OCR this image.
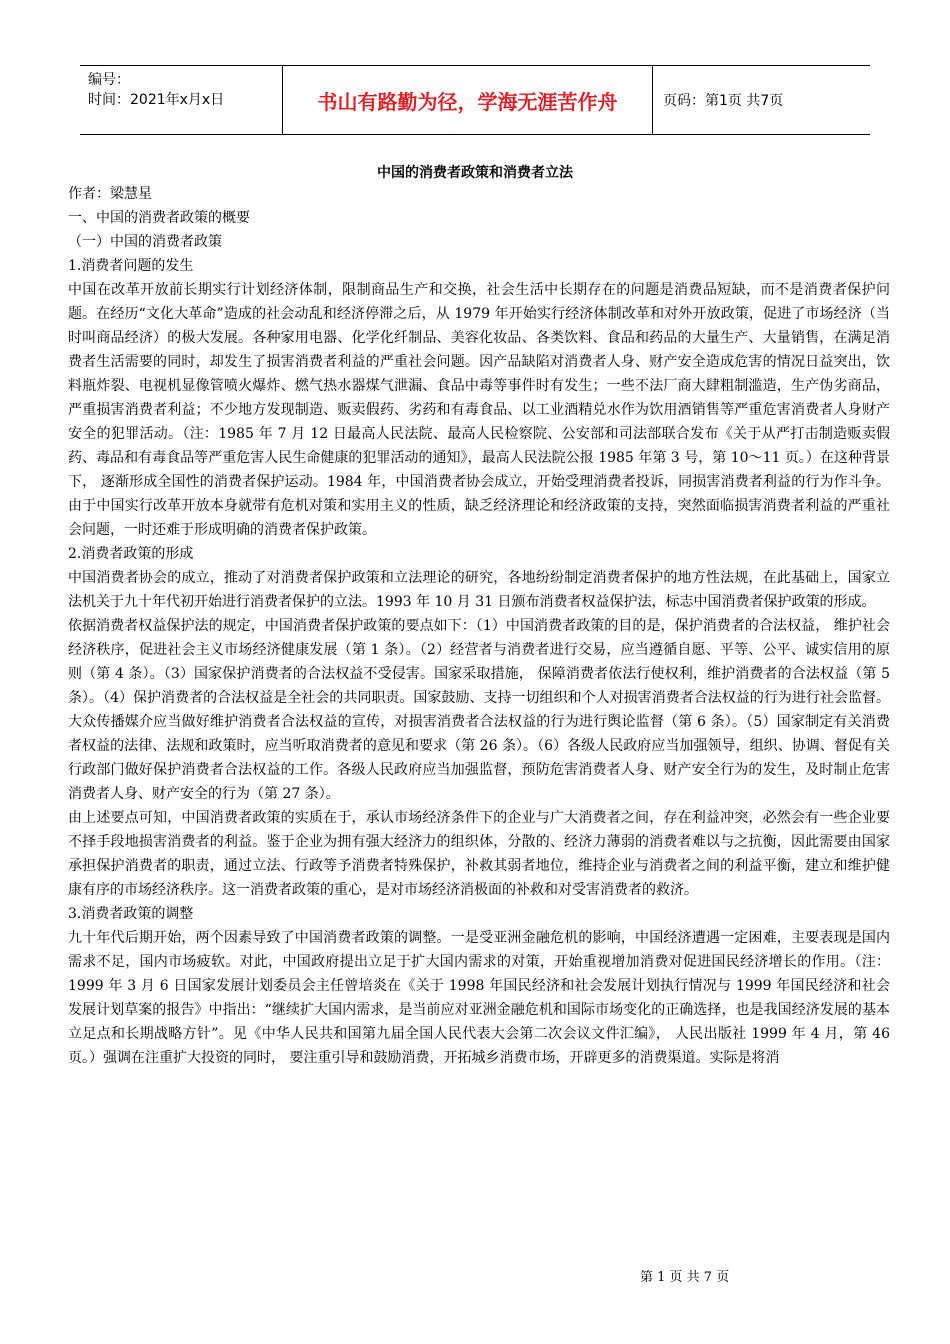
编号：
时间：2021年x月x日	书山有路勤为径，学海无涯苦作舟	页码：第1页 共7页
中国的消费者政策和消费者立法

作者：梁慧星

一、中国的消费者政策的概要

（一）中国的消费者政策

1.消费者问题的发生

中国在改革开放前长期实行计划经济体制，限制商品生产和交换，社会生活中长期存在的问题是消费品短缺，而不是消费者保护问题。在经历“文化大革命”造成的社会动乱和经济停滞之后，从 1979 年开始实行经济体制改革和对外开放政策，促进了市场经济（当时叫商品经济）的极大发展。各种家用电器、化学化纤制品、美容化妆品、各类饮料、食品和药品的大量生产、大量销售，在满足消费者生活需要的同时，却发生了损害消费者利益的严重社会问题。因产品缺陷对消费者人身、财产安全造成危害的情况日益突出，饮料瓶炸裂、电视机显像管喷火爆炸、燃气热水器煤气泄漏、食品中毒等事件时有发生；一些不法厂商大肆粗制滥造，生产伪劣商品，严重损害消费者利益；不少地方发现制造、贩卖假药、劣药和有毒食品、以工业酒精兑水作为饮用酒销售等严重危害消费者人身财产安全的犯罪活动。（注：1985 年 7 月 12 日最高人民法院、最高人民检察院、公安部和司法部联合发布《关于从严打击制造贩卖假药、毒品和有毒食品等严重危害人民生命健康的犯罪活动的通知》，最高人民法院公报 1985 年第 3 号，第 10～11 页。）在这种背景下， 逐渐形成全国性的消费者保护运动。1984 年，中国消费者协会成立，开始受理消费者投诉，同损害消费者利益的行为作斗争。由于中国实行改革开放本身就带有危机对策和实用主义的性质，缺乏经济理论和经济政策的支持，突然面临损害消费者利益的严重社会问题，一时还难于形成明确的消费者保护政策。

2.消费者政策的形成

中国消费者协会的成立，推动了对消费者保护政策和立法理论的研究，各地纷纷制定消费者保护的地方性法规，在此基础上，国家立法机关于九十年代初开始进行消费者保护的立法。1993 年 10 月 31 日颁布消费者权益保护法，标志中国消费者保护政策的形成。

依据消费者权益保护法的规定，中国消费者保护政策的要点如下：（1）中国消费者政策的目的是，保护消费者的合法权益， 维护社会经济秩序，促进社会主义市场经济健康发展（第 1 条）。（2）经营者与消费者进行交易，应当遵循自愿、平等、公平、诚实信用的原则（第 4 条）。（3）国家保护消费者的合法权益不受侵害。国家采取措施， 保障消费者依法行使权利，维护消费者的合法权益（第 5 条）。（4）保护消费者的合法权益是全社会的共同职责。国家鼓励、支持一切组织和个人对损害消费者合法权益的行为进行社会监督。大众传播媒介应当做好维护消费者合法权益的宣传，对损害消费者合法权益的行为进行舆论监督（第 6 条）。（5）国家制定有关消费者权益的法律、法规和政策时，应当听取消费者的意见和要求（第 26 条）。（6）各级人民政府应当加强领导，组织、协调、督促有关行政部门做好保护消费者合法权益的工作。各级人民政府应当加强监督，预防危害消费者人身、财产安全行为的发生，及时制止危害消费者人身、财产安全的行为（第 27 条）。

由上述要点可知，中国消费者政策的实质在于，承认市场经济条件下的企业与广大消费者之间，存在利益冲突，必然会有一些企业要不择手段地损害消费者的利益。鉴于企业为拥有强大经济力的组织体，分散的、经济力薄弱的消费者难以与之抗衡，因此需要由国家承担保护消费者的职责，通过立法、行政等予消费者特殊保护，补救其弱者地位，维持企业与消费者之间的利益平衡，建立和维护健康有序的市场经济秩序。这一消费者政策的重心，是对市场经济消极面的补救和对受害消费者的救济。

3.消费者政策的调整

九十年代后期开始，两个因素导致了中国消费者政策的调整。一是受亚洲金融危机的影响，中国经济遭遇一定困难，主要表现是国内需求不足，国内市场疲软。对此，中国政府提出立足于扩大国内需求的对策，开始重视增加消费对促进国民经济增长的作用。（注：1999 年 3 月 6 日国家发展计划委员会主任曾培炎在《关于 1998 年国民经济和社会发展计划执行情况与 1999 年国民经济和社会发展计划草案的报告》中指出：“继续扩大国内需求，是当前应对亚洲金融危机和国际市场变化的正确选择，也是我国经济发展的基本立足点和长期战略方针”。见《中华人民共和国第九届全国人民代表大会第二次会议文件汇编》， 人民出版社 1999 年 4 月，第 46 页。）强调在注重扩大投资的同时， 要注重引导和鼓励消费，开拓城乡消费市场，开辟更多的消费渠道。实际是将消

第 1 页 共 7 页
